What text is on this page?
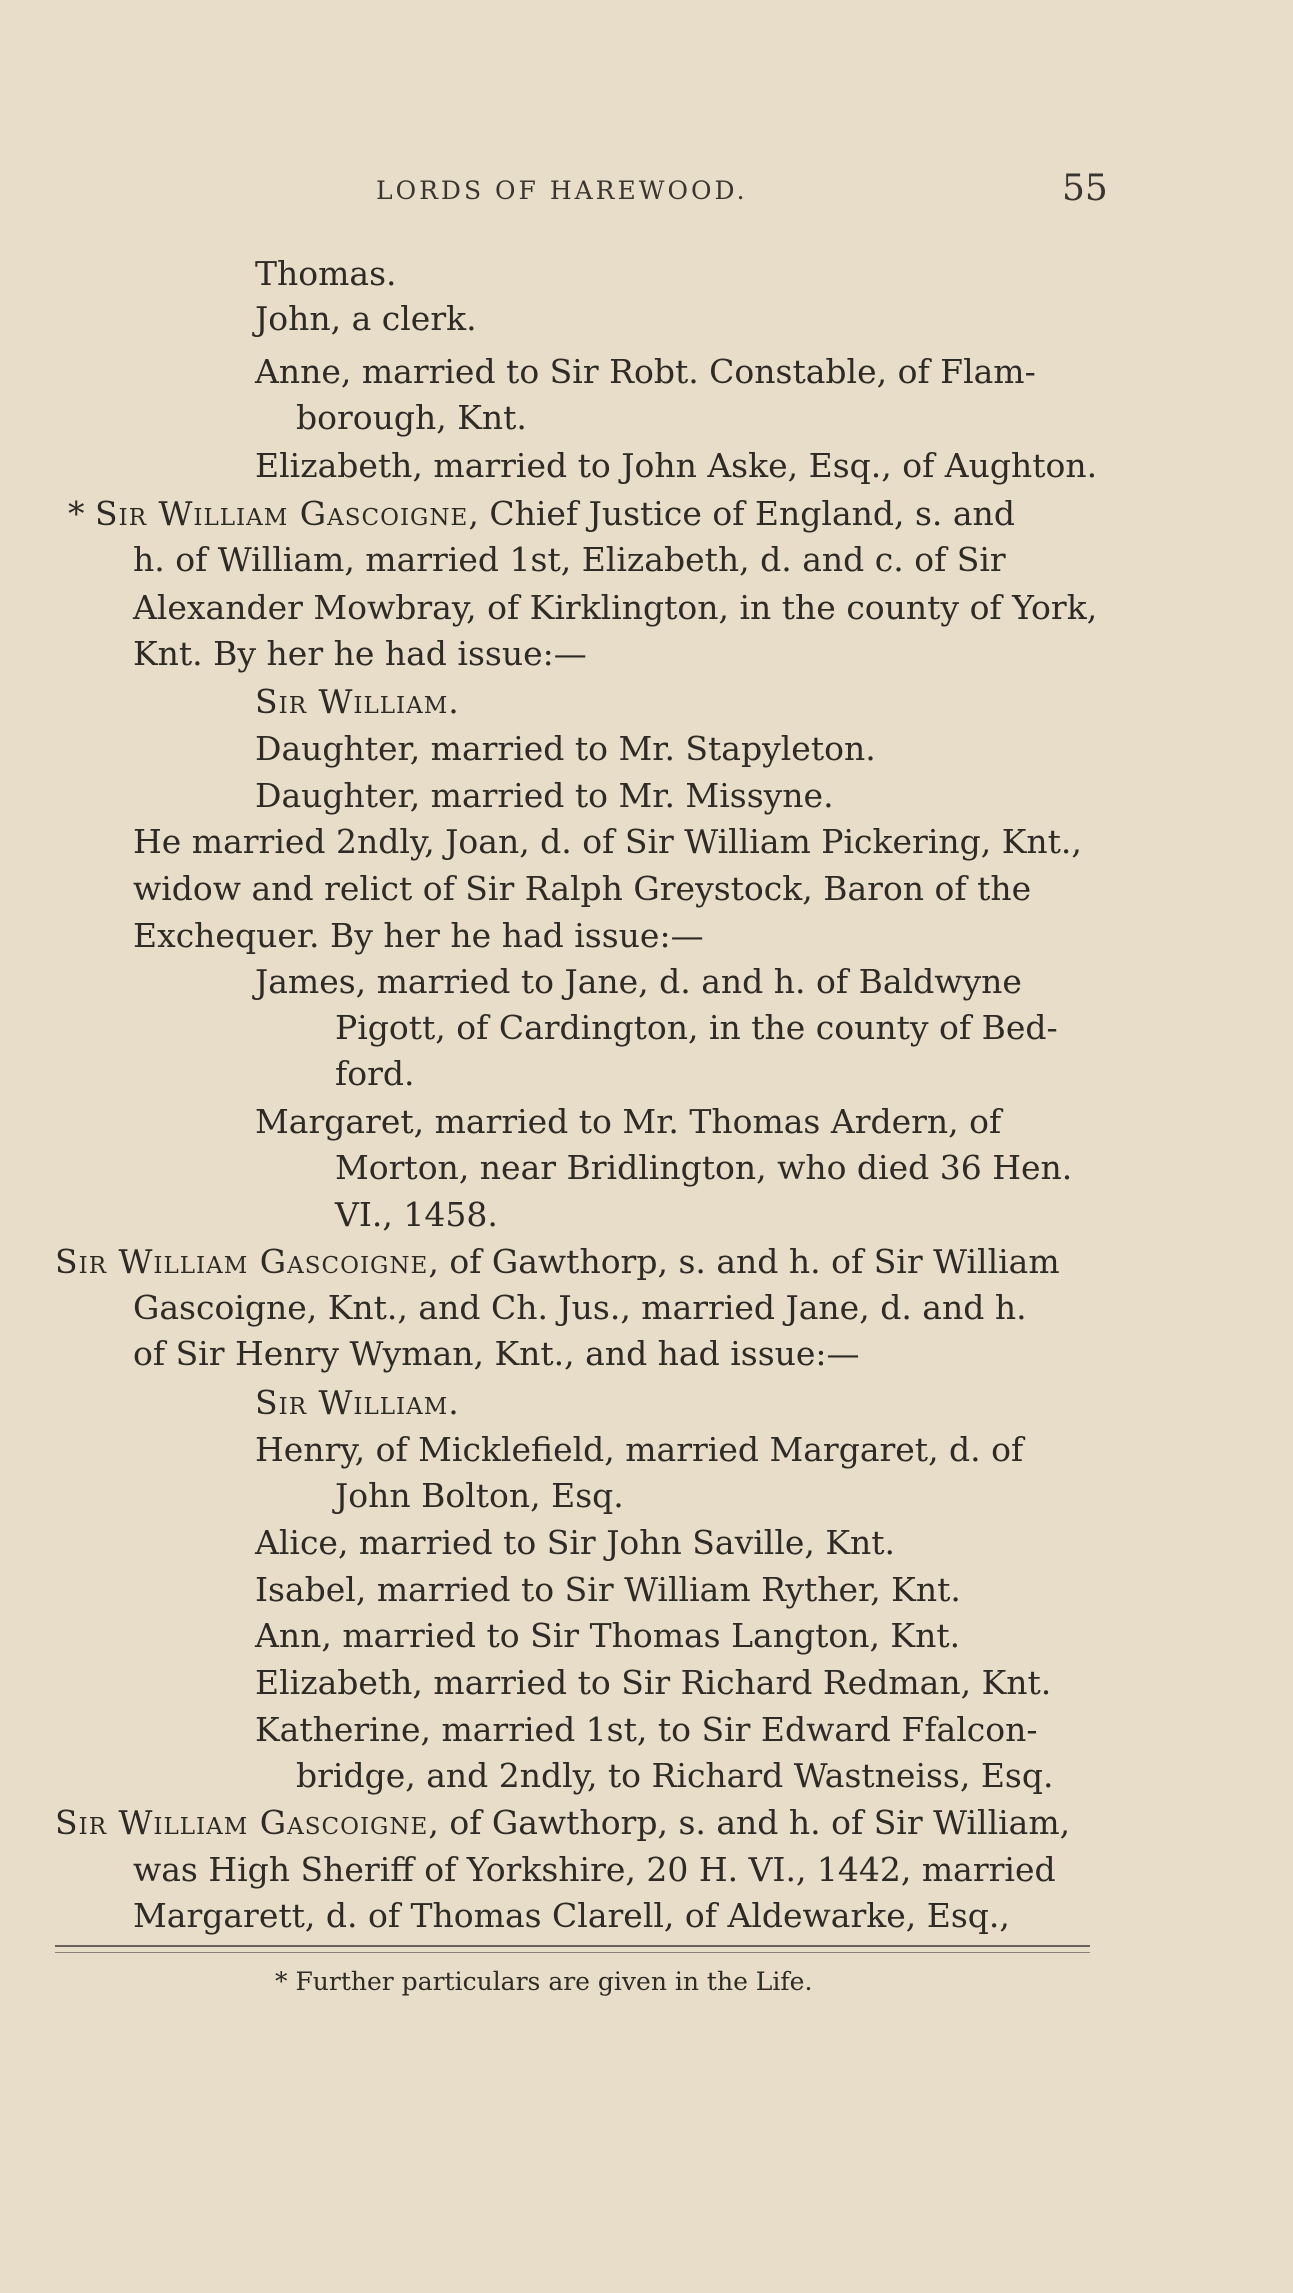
LORDS OF HAREWOOD.	55
Thomas.
John, a clerk.
Anne, married to Sir Robt. Constable, of Flam-
borough, Knt.
Elizabeth, married to John Aske, Esq., of Aughton.
* Sir William Gascoigne, Chief Justice of England, s. and
h. of William, married 1st, Elizabeth, d. and c. of Sir
Alexander Mowbray, of Kirklington, in the county of York,
Knt. By her he had issue:—
Sir William.
Daughter, married to Mr. Stapyleton.
Daughter, married to Mr. Missyne.
He married 2ndly, Joan, d. of Sir William Pickering, Knt.,
widow and relict of Sir Ralph Greystock, Baron of the
Exchequer. By her he had issue:—
James, married to Jane, d. and h. of Baldwyne
Pigott, of Cardington, in the county of Bed-
ford.
Margaret, married to Mr. Thomas Ardern, of
Morton, near Bridlington, who died 36 Hen.
VI., 1458.
Sir William Gascoigne, of Gawthorp, s. and h. of Sir William
Gascoigne, Knt., and Ch. Jus., married Jane, d. and h.
of Sir Henry Wyman, Knt., and had issue:—
Sir William.
Henry, of Micklefield, married Margaret, d. of
John Bolton, Esq.
Alice, married to Sir John Saville, Knt.
Isabel, married to Sir William Ryther, Knt.
Ann, married to Sir Thomas Langton, Knt.
Elizabeth, married to Sir Richard Redman, Knt.
Katherine, married 1st, to Sir Edward Ffalcon-
bridge, and 2ndly, to Richard Wastneiss, Esq.
Sir William Gascoigne, of Gawthorp, s. and h. of Sir William,
was High Sheriff of Yorkshire, 20 H. VI., 1442, married
Margarett, d. of Thomas Clarell, of Aldewarke, Esq.,
* Further particulars are given in the Life.
